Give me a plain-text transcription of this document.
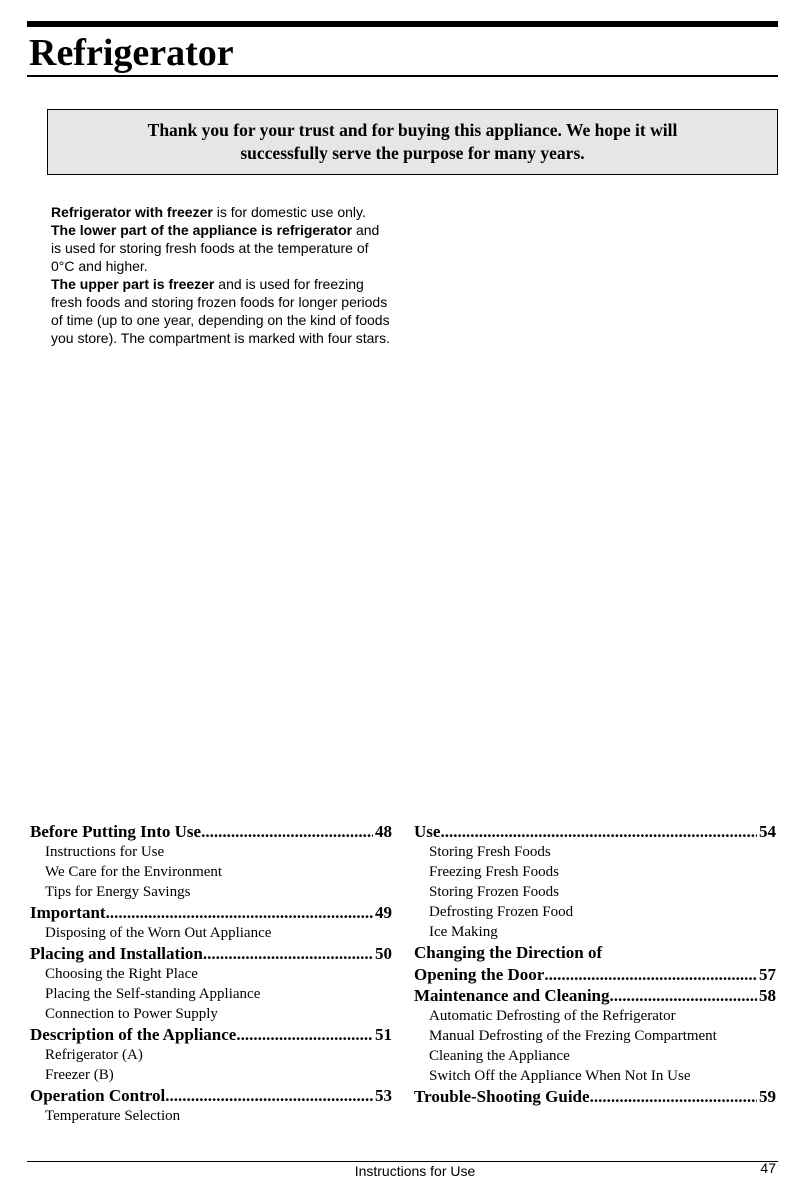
Refrigerator
Thank you for your trust and for buying this appliance. We hope it will
successfully serve the purpose for many years.

Refrigerator with freezer is for domestic use only.

The lower part of the appliance is refrigerator and is used for storing fresh foods at the temperature of 0°C and higher.

The upper part is freezer and is used for freezing fresh foods and storing frozen foods for longer periods of time (up to one year, depending on the kind of foods you store). The compartment is marked with four stars.

Before Putting Into Use .....	48
Instructions for Use
We Care for the Environment
Tips for Energy Savings
Important .....	49
Disposing of the Worn Out Appliance
Placing and Installation .....	50
Choosing the Right Place
Placing the Self-standing Appliance
Connection to Power Supply
Description of the Appliance .....	51
Refrigerator (A)
Freezer (B)
Operation Control .....	53
Temperature Selection
Use .....	54
Storing Fresh Foods
Freezing Fresh Foods
Storing Frozen Foods
Defrosting Frozen Food
Ice Making
Changing the Direction of
Opening the Door .....	57
Maintenance and Cleaning .....	58
Automatic Defrosting of the Refrigerator
Manual Defrosting of the Frezing Compartment
Cleaning the Appliance
Switch Off the Appliance When Not In Use
Trouble-Shooting Guide .....	59
Instructions for Use	47
